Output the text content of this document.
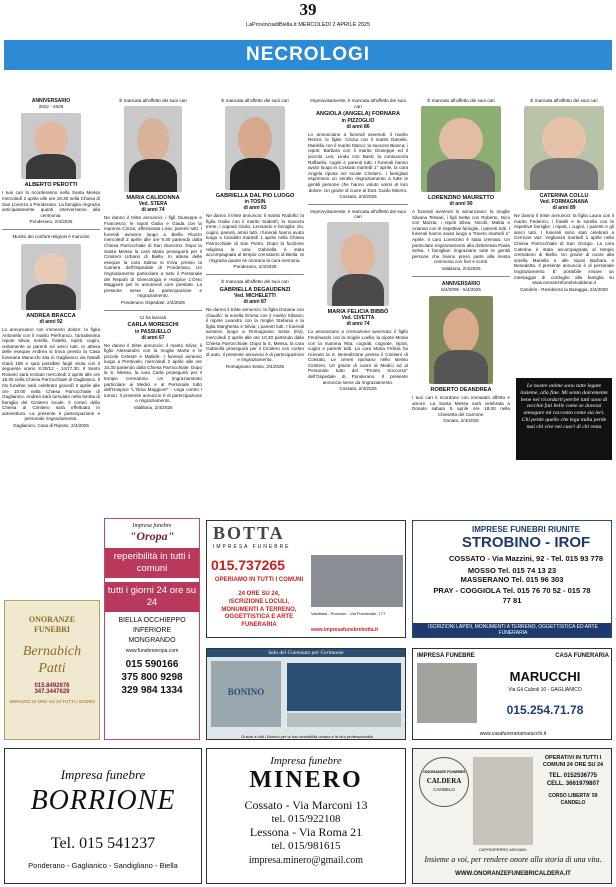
39
LaProvinciadiBiella.it MERCOLEDÌ 2 APRILE 2025
NECROLOGI
ANNIVERSARIO
2022 - 2025
ALBERTO PEROTTI
I tuoi cari lo ricorderanno nella Santa Messa mercoledì 2 aprile alle ore 18.30 nella Chiesa di San Lorenzo a Ponderano. La famiglia ringrazia anticipatamente quanti interverranno alla cerimonia.
Ponderano, 2/4/2025
Munito dei conforti religiosi è mancato
ANDREA BRACCA
di anni 92
Lo annunciano con immenso dolore: la figlia Antonella con il marito Pierfranco, l'amatissima nipote Silvia; sorella, fratello, nipoti, cugini, unitamente ai parenti ed amici tutti. In attesa delle esequie Andrea si trova presso la Casa funeraria Marucchi sita in Gaglianico via Natalli Gaidi 156 e sarà possibile fargli visita con il seguente orario 8.30/12 - 14/17.30. Il Santo Rosario sarà recitato mercoledì 2 aprile alle ore 18.30 nella Chiesa Parrocchiale di Gaglianico. Il rito funebre sarà celebrato giovedì 3 aprile alle ore 10.00 nella Chiesa Parrocchiale di Gaglianico. Andrea sarà tumulato nella tomba di famiglia del Cimitero locale. Il corteo della Chiesa al Cimitero sarà effettuato in autovettura. La presente è partecipazione e personale ringraziamento.
Gaglianico, Casa di Riposo, 2/4/2025
È mancata all'affetto dei suoi cari
MARIA CALIDONNA
Ved. STERA
di anni 74
Ne danno il triste annuncio: i figli Giuseppe e Francesco; le nipoti Giulia e Giada con la mamma Cinzia; affezionata Licia; parenti tutti. I funerali avranno luogo a Biella Piazzo mercoledì 2 aprile alle ore 9.30 partendo dalla Chiesa Parrocchiale di San Giacomo. Dopo la Santa Messa la cara Maria proseguirà per il Cimitero Urbano di Biella. In attesa delle esequie la cara Salma si trova presso la Camera dell'Ospedale di Ponderano. Un ringraziamento particolare a tutto il Personale dei Reparti di Ginecologia e Hospice L'Orso Maggiore per le amorevoli cure prestate. La presente serve da partecipazione e ringraziamento.
Ponderano Ospedale, 2/4/2025
Ci ha lasciati
CARLA MORESCHI
in PASSUELLO
di anni 67
Ne danno il triste annuncio: il marito Silvio; il figlio Alessandro con la moglie Marta e le piccole Celeste e Matilde. I funerali avranno luogo a Pretrivelo, mercoledì 2 aprile alle ore 10,30 partendo dalla Chiesa Parrocchiale. Dopo la S. Messa, la cara Carla proseguirà per il tempio crematorio. Un ringraziamento particolare ai Medici e al Personale tutto dell'Hospice "L'Orsa Maggiore" - Lega contro i tumori. Il presente annuncio è di partecipazione e ringraziamento.
Valdilana, 2/4/2025
È mancata all'affetto dei suoi cari
GABRIELLA DAL PIO LUOGO
in TOSIN
di anni 63
Ne danno il triste annuncio: il marito Rodolfo; la figlia Giulia con il marito Sudesh; la suocera Irene; i cognati Giulio, Leonardo e famiglia; zio, cugini, parenti, amici tutti. I funerali hanno avuto luogo a Candelo martedì 1 aprile nella Chiesa Parrocchiale di San Pietro. Dopo la funzione religiosa la cara Gabriella è stata accompagnata al tempio crematorio di Biella. Si ringrazia quanti ne onorano la cara memoria.
Ponderano, 2/4/2025
È mancata all'affetto dei suoi cari
GABRIELLA DEGAUDENZI
Ved. MICHELETTI
di anni 87
Ne danno il triste annuncio: la figlia Doriana con Claudio; la sorella Emma con il marito Silvano; il nipote Leandro con la moglie Stefania e la figlia Margherita e Silvia; i parenti tutti. I funerali avranno luogo a Romagnano Sesia (No), mercoledì 2 aprile alle ore 10,30 partendo dalla Chiesa Parrocchiale. Dopo la S. Messa, la cara Gabriella proseguirà per il Cimitero con corteo di auto. Il presente annuncio è di partecipazione e ringraziamento.
Romagnano Sesia, 2/4/2025
Improvvisamente, è mancata all'affetto dei suoi cari
ANGIOLA (ANGELA) FORNARA
in PIZZOGLIO
di anni 86
Lo annunciano a funerali avvenuti: il marito Renzo; le figlie: Cinzia con il marito Daniele, Mariella con il marito Marco; la suocera Bianca; i nipoti: Barbara con il marito Giuseppe ed il piccolo Leo; Linda con Basti; la consuocera Raffaella; cugini e parenti tutti. I funerali hanno avuto luogo in Cossato martedì 1° aprile, la cara Angela riposa nel locale Cimitero. I famigliari esprimono un sentito ringraziamento a tutte le gentili persone che hanno voluto unirsi al loro dolore. Un grazie di cuore al Dott. Guido Minero.
Cossato, 2/4/2025
Improvvisamente, è mancata all'affetto dei suoi cari
MARIA FELICIA BIBBÒ
Ved. CIVETTA
di anni 74
Lo annunciano a cremazione avvenuta: il figlio Ferdinando con la moglie Loella; la nipote Monia con la mamma Rita; cognati, cognate, nipoti, cugini e parenti tutti. La cara Maria Felicia ha ricevuto la S. Benedizione presso il Cimitero di Cossato. Le ceneri riposano nello stesso Cimitero. Un grazie di cuore al Medici ed al Personale tutto del "Pronto Soccorso" dell'Ospedale di Ponderano. Il presente annuncio serve da ringraziamento.
Cossato, 2/4/2025
È mancato all'affetto dei suoi cari
LORENZINO MAURETTO
di anni 90
A funerali avvenuti lo annunciano: la moglie Silvana Tessari, i figli Ivetta con Roberto, Nico con Marzia; i nipoti Silvia, Nicolò, Mattia e Arianna con le rispettive famiglie, i parenti tutti. I funerali hanno avuto luogo a Trivero martedì 1° Aprile. Il caro Lorenzino è stato cremato. Un particolare ringraziamento alla dottoressa Paola Selva. I famigliari ringraziano tutte le gentili persone che hanno preso parte alla mesta cerimonia con fiori e scritti.
Valdilana, 2/4/2025
ANNIVERSARIO
5/4/2005 - 5/4/2025
ROBERTO DEANDREA
I tuoi cari ti ricordano con immutato affetto e amore. La Santa Messa sarà celebrata a Donato sabato 5 aprile ore 18.00 nella Chiesetta del Carmine.
Donato, 2/4/2025
È mancata all'affetto dei suoi cari
CATERINA COLLU
Ved. FORMAGNANA
di anni 89
Ne danno il triste annuncio: la figlia Laura con il marito Federico; i fratelli e la sorella con le rispettive famiglie; i nipoti, i cugini, i parenti e gli amici tutti. I funerali sono stati celebrati a Cerrione Vaz. Veglianza martedì 1 aprile nella Chiesa Parrocchiale di San Giorgio. La cara Caterina è stata accompagnata al tempio crematorio di Biella. Un grazie di cuore alla sorella Mariella e alle nipoti Barbara e Benedetta. Il presente annuncio è di personale ringraziamento. E' possibile inviare un messaggio di cordoglio alla famiglia su www.onoranzefunebricalderai.it
Candelo - Residenza la Baraggia, 2/4/2025
Le nostre anime sono tutte legate insieme, alla fine. Mi sento dolcemente bene nel ricordarti perché tutti sono di vecchie fati belle come se dovessi annegare mi racconto come sia ieri. Chi perde quello che lega nulla perde mai chi vive nei cuori di chi resta
Impresa funebre
"Oropa"
reperibilità in tutti i comuni
tutti i giorni 24 ore su 24
BIELLA OCCHIEPPO INFERIORE MONGRANDO
www.funebreoropa.com
015 590166
375 800 9298
329 984 1334
ONORANZE FUNEBRI
Bernabich Patti
015.8492676
347.3447629
SERVIZIO 24 ORE SU 24 TUTTI I GIORNI
BOTTA
IMPRESA FUNEBRE
015.737265
OPERIAMO IN TUTTI I COMUNI
24 ORE SU 24,
ISCRIZIONE LOCULI, MONUMENTI A TERRENO, OGGETTISTICA E ARTE FUNERARIA
Valdilana - Ponzone - Via Provinciale, 177
www.impresafunebrebotta.it
IMPRESE FUNEBRI RIUNITE
STROBINO - IROF
COSSATO - Via Mazzini, 92 - Tel. 015 93 778
MOSSO Tel. 015 74 13 23
MASSERANO Tel. 015 96 303
PRAY - COGGIOLA Tel. 015 76 70 52 - 015 78 77 81
ISCRIZIONI LAPIDI, MONUMENTI A TERRENO, OGGETTISTICA ED ARTE FUNERARIA
Sala del Commiato per Cerimonie
BONINO
Grazie a tutti i Bonino per la loro sensibilità umana e la loro professionalità
IMPRESA FUNEBRE	CASA FUNERARIA
MARUCCHI
Via Gli Calzoli 10 - GAGLIANICO
015.254.71.78
www.casafunerariamarucchi.it
Impresa funebre
BORRIONE
Tel. 015 541237
Ponderano - Gaglianico - Sandigliano - Biella
Impresa funebre
MINERO
Cossato - Via Marconi 13
tel. 015/922108
Lessona - Via Roma 21
tel. 015/981615
impresa.minero@gmail.com
ONORANZE FUNEBRI
CALDERA
CANDELO
OPERATIVI IN TUTTI I COMUNI 24 ORE SU 24
TEL. 0152536775
CELL. 3661979807
CORSO LIBERTA' 59 CANDELO
CAPODIPERRO MICHAEL
Insieme a voi, per rendere onore alla storia di una vita.
WWW.ONORANZEFUNEBRICALDERA.IT
